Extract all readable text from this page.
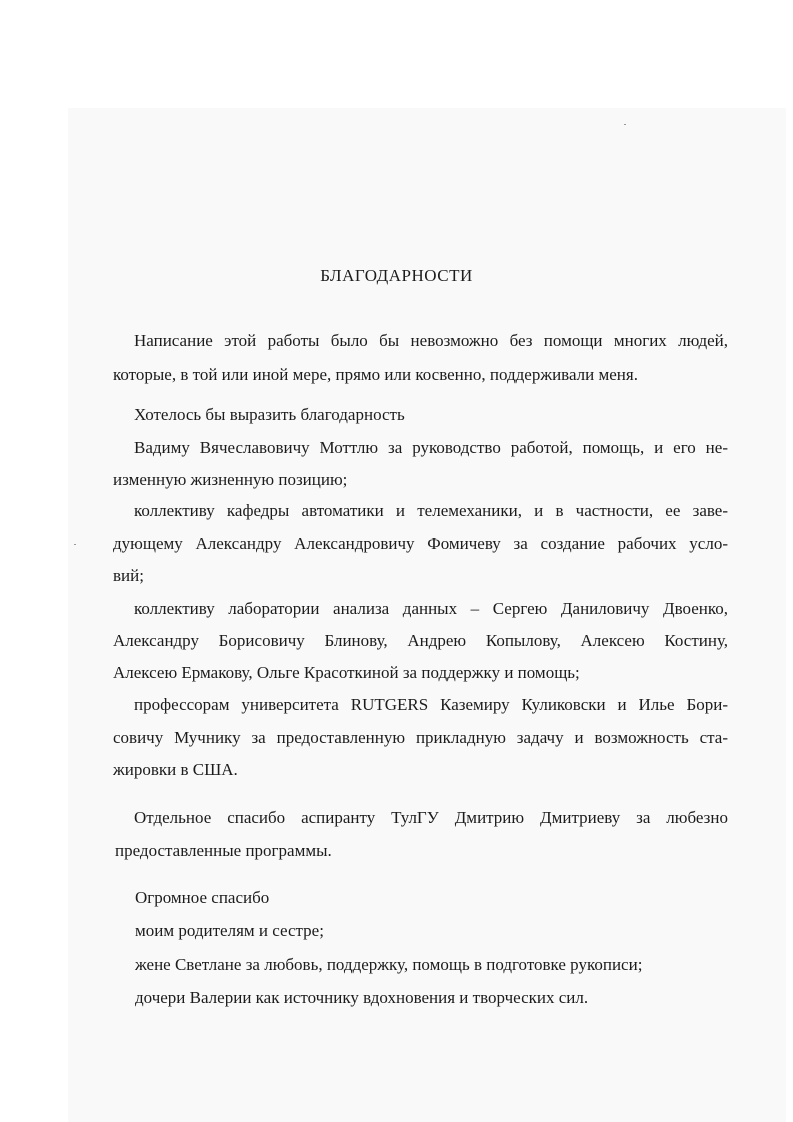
БЛАГОДАРНОСТИ
Написание этой работы было бы невозможно без помощи многих людей,
которые, в той или иной мере, прямо или косвенно, поддерживали меня.
Хотелось бы выразить благодарность
Вадиму Вячеславовичу Моттлю за руководство работой, помощь, и его не-
изменную жизненную позицию;
коллективу кафедры автоматики и телемеханики, и в частности, ее заве-
дующему Александру Александровичу Фомичеву за создание рабочих усло-
вий;
коллективу лаборатории анализа данных – Сергею Даниловичу Двоенко,
Александру Борисовичу Блинову, Андрею Копылову, Алексею Костину,
Алексею Ермакову, Ольге Красоткиной за поддержку и помощь;
профессорам университета RUTGERS Каземиру Куликовски и Илье Бори-
совичу Мучнику за предоставленную прикладную задачу и возможность ста-
жировки в США.
Отдельное спасибо аспиранту ТулГУ Дмитрию Дмитриеву за любезно
предоставленные программы.
Огромное спасибо
моим родителям и сестре;
жене Светлане за любовь, поддержку, помощь в подготовке рукописи;
дочери Валерии как источнику вдохновения и творческих сил.
